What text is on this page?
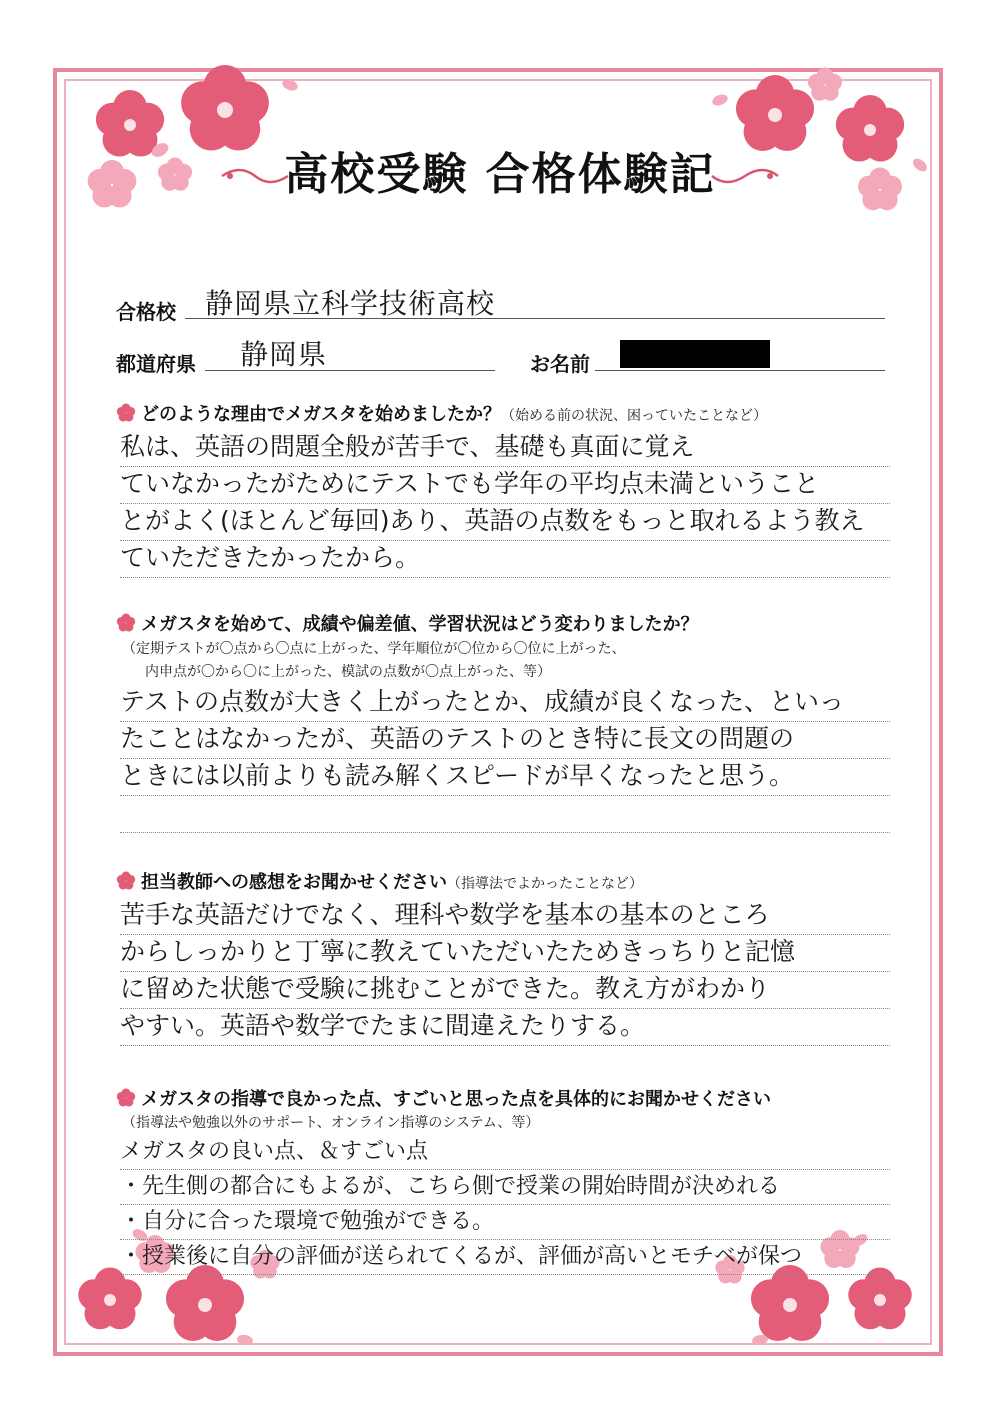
高校受験 合格体験記
合格校 静岡県立科学技術高校
都道府県 静岡県	お名前
どのような理由でメガスタを始めましたか？（始める前の状況、困っていたことなど）
私は、英語の問題全般が苦手で、基礎も真面に覚え
ていなかったがためにテストでも学年の平均点未満ということ
とがよく(ほとんど毎回)あり、英語の点数をもっと取れるよう教え
ていただきたかったから。
メガスタを始めて、成績や偏差値、学習状況はどう変わりましたか？
（定期テストが〇点から〇点に上がった、学年順位が〇位から〇位に上がった、
内申点が〇から〇に上がった、模試の点数が〇点上がった、等）
テストの点数が大きく上がったとか、成績が良くなった、といっ
たことはなかったが、英語のテストのとき特に長文の問題の
ときには以前よりも読み解くスピードが早くなったと思う。
担当教師への感想をお聞かせください（指導法でよかったことなど）
苦手な英語だけでなく、理科や数学を基本の基本のところ
からしっかりと丁寧に教えていただいたためきっちりと記憶
に留めた状態で受験に挑むことができた。教え方がわかり
やすい。英語や数学でたまに間違えたりする。
メガスタの指導で良かった点、すごいと思った点を具体的にお聞かせください
（指導法や勉強以外のサポート、オンライン指導のシステム、等）
メガスタの良い点、＆すごい点
・先生側の都合にもよるが、こちら側で授業の開始時間が決めれる
・自分に合った環境で勉強ができる。
・授業後に自分の評価が送られてくるが、評価が高いとモチベが保つ
